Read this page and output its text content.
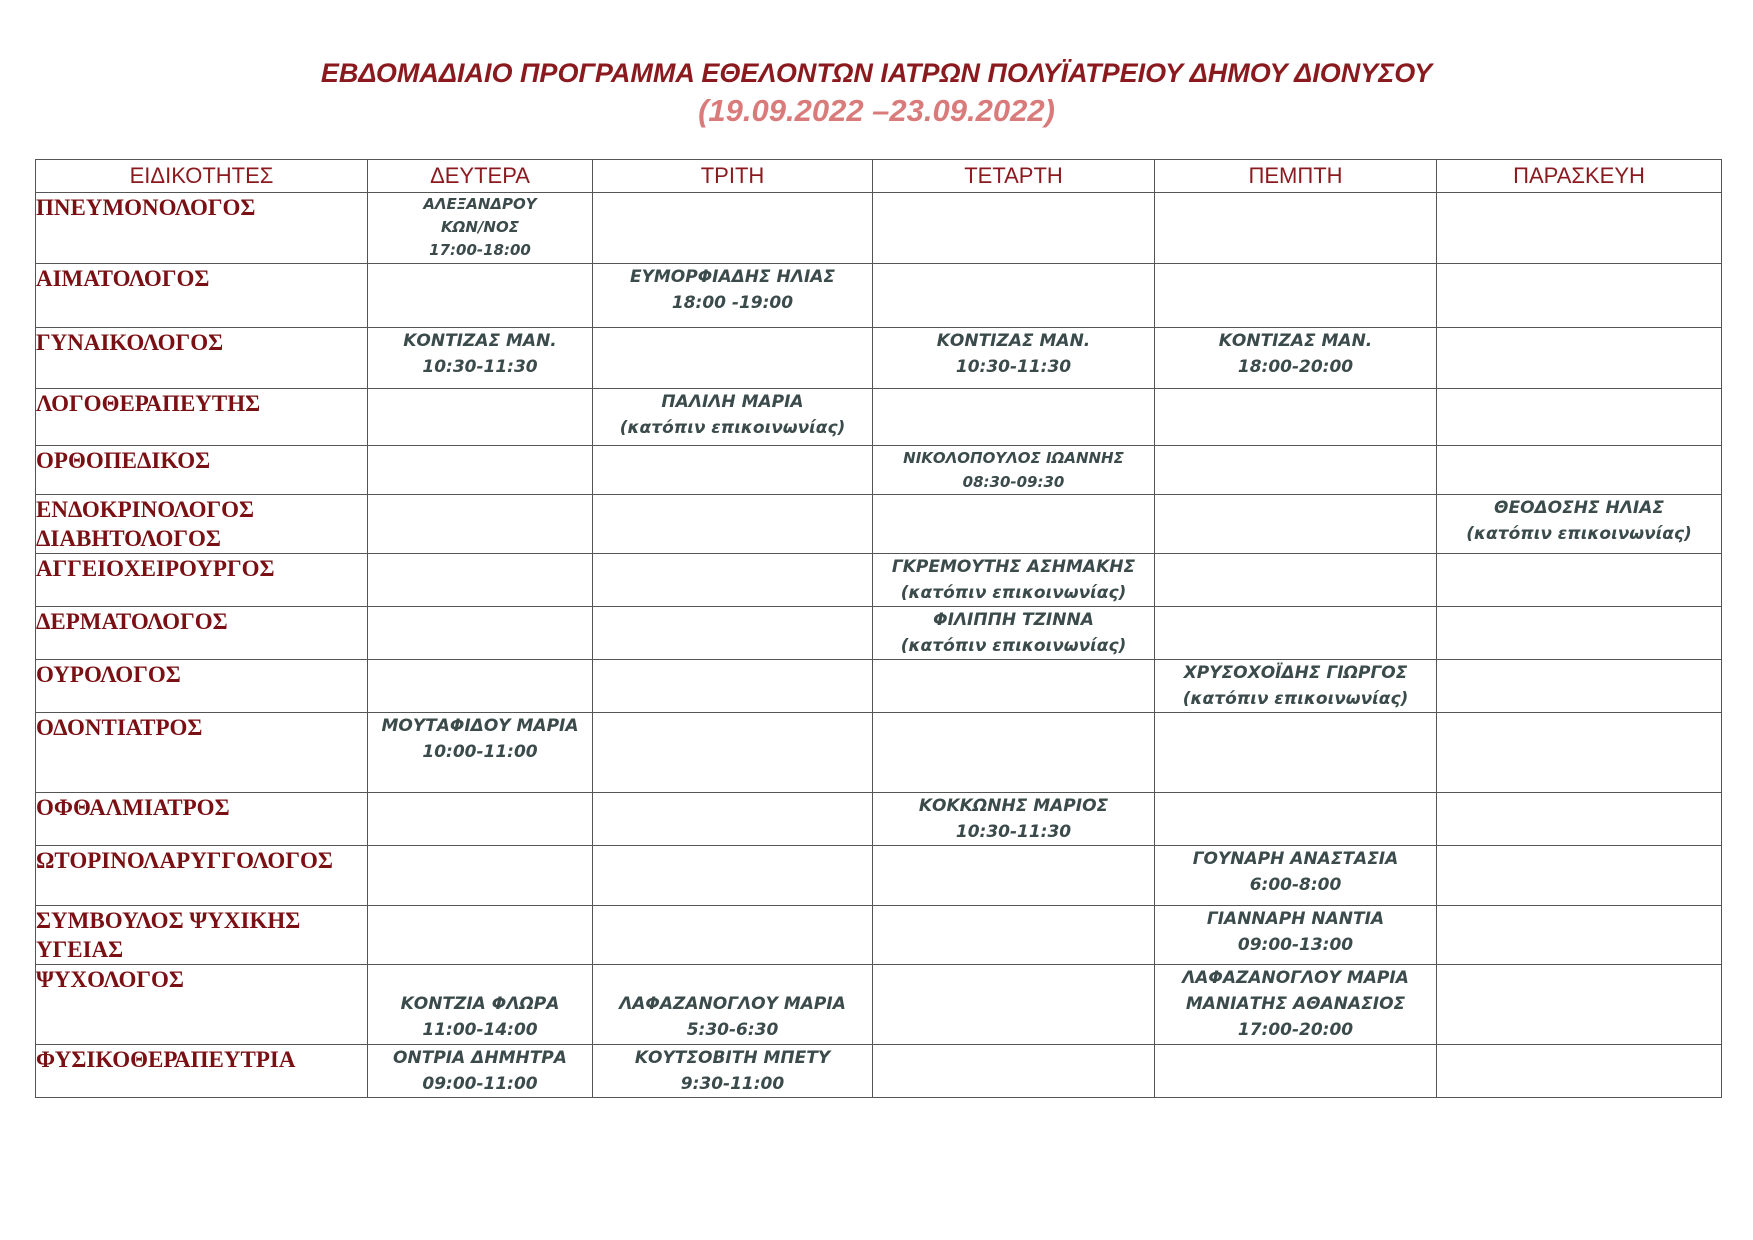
ΕΒΔΟΜΑΔΙΑΙΟ ΠΡΟΓΡΑΜΜΑ ΕΘΕΛΟΝΤΩΝ ΙΑΤΡΩΝ ΠΟΛΥΪΑΤΡΕΙΟΥ ΔΗΜΟΥ ΔΙΟΝΥΣΟΥ
(19.09.2022 –23.09.2022)
ΕΙΔΙΚΟΤΗΤΕΣ	ΔΕΥΤΕΡΑ	ΤΡΙΤΗ	ΤΕΤΑΡΤΗ	ΠΕΜΠΤΗ	ΠΑΡΑΣΚΕΥΗ

ΠΝΕΥΜΟΝΟΛΟΓΟΣ	ΑΛΕΞΑΝΔΡΟΥ
ΚΩΝ/ΝΟΣ
17:00-18:00				

ΑΙΜΑΤΟΛΟΓΟΣ		ΕΥΜΟΡΦΙΑΔΗΣ ΗΛΙΑΣ
18:00 -19:00			

ΓΥΝΑΙΚΟΛΟΓΟΣ	ΚΟΝΤΙΖΑΣ ΜΑΝ.
10:30-11:30		ΚΟΝΤΙΖΑΣ ΜΑΝ.
10:30-11:30	ΚΟΝΤΙΖΑΣ ΜΑΝ.
18:00-20:00	

ΛΟΓΟΘΕΡΑΠΕΥΤΗΣ		ΠΑΛΙΛΗ ΜΑΡΙΑ
(κατόπιν επικοινωνίας)			

ΟΡΘΟΠΕΔΙΚΟΣ			ΝΙΚΟΛΟΠΟΥΛΟΣ ΙΩΑΝΝΗΣ
08:30-09:30		

ΕΝΔΟΚΡΙΝΟΛΟΓΟΣ
ΔΙΑΒΗΤΟΛΟΓΟΣ					ΘΕΟΔΟΣΗΣ ΗΛΙΑΣ
(κατόπιν επικοινωνίας)

ΑΓΓΕΙΟΧΕΙΡΟΥΡΓΟΣ			ΓΚΡΕΜΟΥΤΗΣ ΑΣΗΜΑΚΗΣ
(κατόπιν επικοινωνίας)		

ΔΕΡΜΑΤΟΛΟΓΟΣ			ΦΙΛΙΠΠΗ ΤΖΙΝΝΑ
(κατόπιν επικοινωνίας)		

ΟΥΡΟΛΟΓΟΣ				ΧΡΥΣΟΧΟΪΔΗΣ ΓΙΩΡΓΟΣ
(κατόπιν επικοινωνίας)	

ΟΔΟΝΤΙΑΤΡΟΣ	ΜΟΥΤΑΦΙΔΟΥ ΜΑΡΙΑ
10:00-11:00				

ΟΦΘΑΛΜΙΑΤΡΟΣ			ΚΟΚΚΩΝΗΣ ΜΑΡΙΟΣ
10:30-11:30		

ΩΤΟΡΙΝΟΛΑΡΥΓΓΟΛΟΓΟΣ				ΓΟΥΝΑΡΗ ΑΝΑΣΤΑΣΙΑ
6:00-8:00	

ΣΥΜΒΟΥΛΟΣ ΨΥΧΙΚΗΣ
ΥΓΕΙΑΣ				ΓΙΑΝΝΑΡΗ ΝΑΝΤΙΑ
09:00-13:00	

ΨΥΧΟΛΟΓΟΣ	ΚΟΝΤΖΙΑ ΦΛΩΡΑ
11:00-14:00	ΛΑΦΑΖΑΝΟΓΛΟΥ ΜΑΡΙΑ
5:30-6:30		ΛΑΦΑΖΑΝΟΓΛΟΥ ΜΑΡΙΑ
ΜΑΝΙΑΤΗΣ ΑΘΑΝΑΣΙΟΣ
17:00-20:00	

ΦΥΣΙΚΟΘΕΡΑΠΕΥΤΡΙΑ	ΟΝΤΡΙΑ ΔΗΜΗΤΡΑ
09:00-11:00	ΚΟΥΤΣΟΒΙΤΗ ΜΠΕΤΥ
9:30-11:00			
